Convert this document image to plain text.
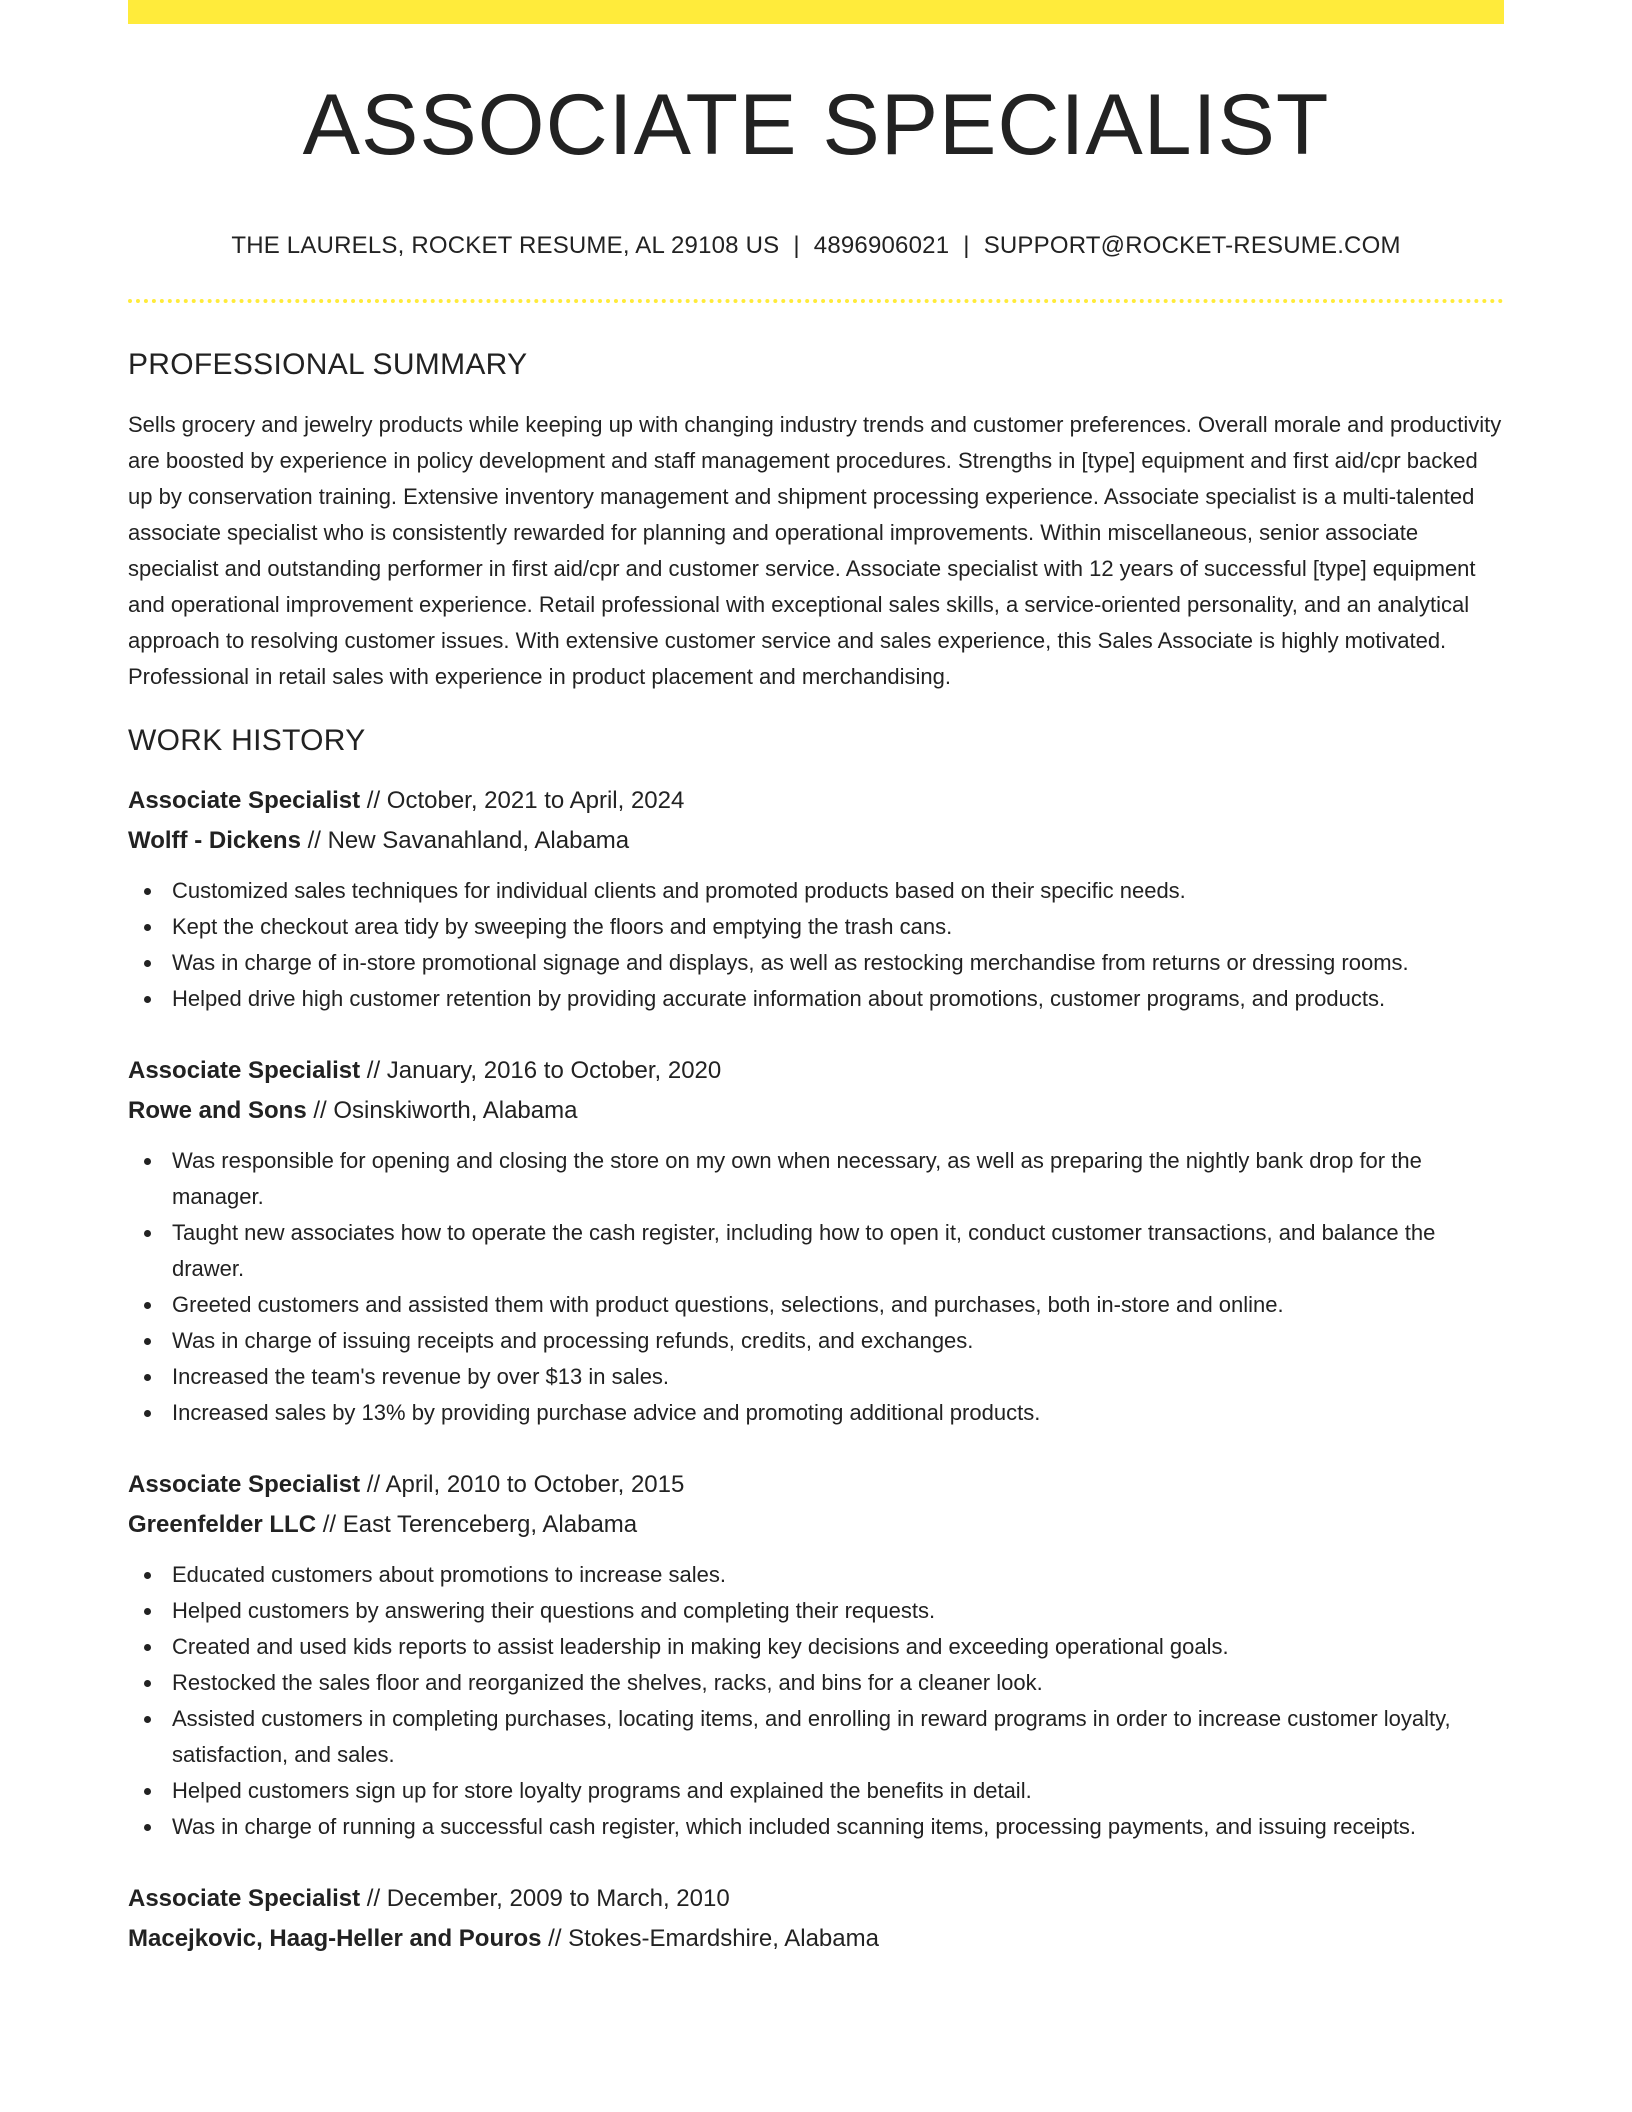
ASSOCIATE SPECIALIST
THE LAURELS, ROCKET RESUME, AL 29108 US | 4896906021 | SUPPORT@ROCKET-RESUME.COM
PROFESSIONAL SUMMARY

Sells grocery and jewelry products while keeping up with changing industry trends and customer preferences. Overall morale and productivity are boosted by experience in policy development and staff management procedures. Strengths in [type] equipment and first aid/cpr backed up by conservation training. Extensive inventory management and shipment processing experience. Associate specialist is a multi-talented associate specialist who is consistently rewarded for planning and operational improvements. Within miscellaneous, senior associate specialist and outstanding performer in first aid/cpr and customer service. Associate specialist with 12 years of successful [type] equipment and operational improvement experience. Retail professional with exceptional sales skills, a service-oriented personality, and an analytical approach to resolving customer issues. With extensive customer service and sales experience, this Sales Associate is highly motivated. Professional in retail sales with experience in product placement and merchandising.

WORK HISTORY
Associate Specialist // October, 2021 to April, 2024
Wolff - Dickens // New Savanahland, Alabama
Customized sales techniques for individual clients and promoted products based on their specific needs.
Kept the checkout area tidy by sweeping the floors and emptying the trash cans.
Was in charge of in-store promotional signage and displays, as well as restocking merchandise from returns or dressing rooms.
Helped drive high customer retention by providing accurate information about promotions, customer programs, and products.
Associate Specialist // January, 2016 to October, 2020
Rowe and Sons // Osinskiworth, Alabama
Was responsible for opening and closing the store on my own when necessary, as well as preparing the nightly bank drop for the manager.
Taught new associates how to operate the cash register, including how to open it, conduct customer transactions, and balance the drawer.
Greeted customers and assisted them with product questions, selections, and purchases, both in-store and online.
Was in charge of issuing receipts and processing refunds, credits, and exchanges.
Increased the team's revenue by over $13 in sales.
Increased sales by 13% by providing purchase advice and promoting additional products.
Associate Specialist // April, 2010 to October, 2015
Greenfelder LLC // East Terenceberg, Alabama
Educated customers about promotions to increase sales.
Helped customers by answering their questions and completing their requests.
Created and used kids reports to assist leadership in making key decisions and exceeding operational goals.
Restocked the sales floor and reorganized the shelves, racks, and bins for a cleaner look.
Assisted customers in completing purchases, locating items, and enrolling in reward programs in order to increase customer loyalty, satisfaction, and sales.
Helped customers sign up for store loyalty programs and explained the benefits in detail.
Was in charge of running a successful cash register, which included scanning items, processing payments, and issuing receipts.
Associate Specialist // December, 2009 to March, 2010
Macejkovic, Haag-Heller and Pouros // Stokes-Emardshire, Alabama
